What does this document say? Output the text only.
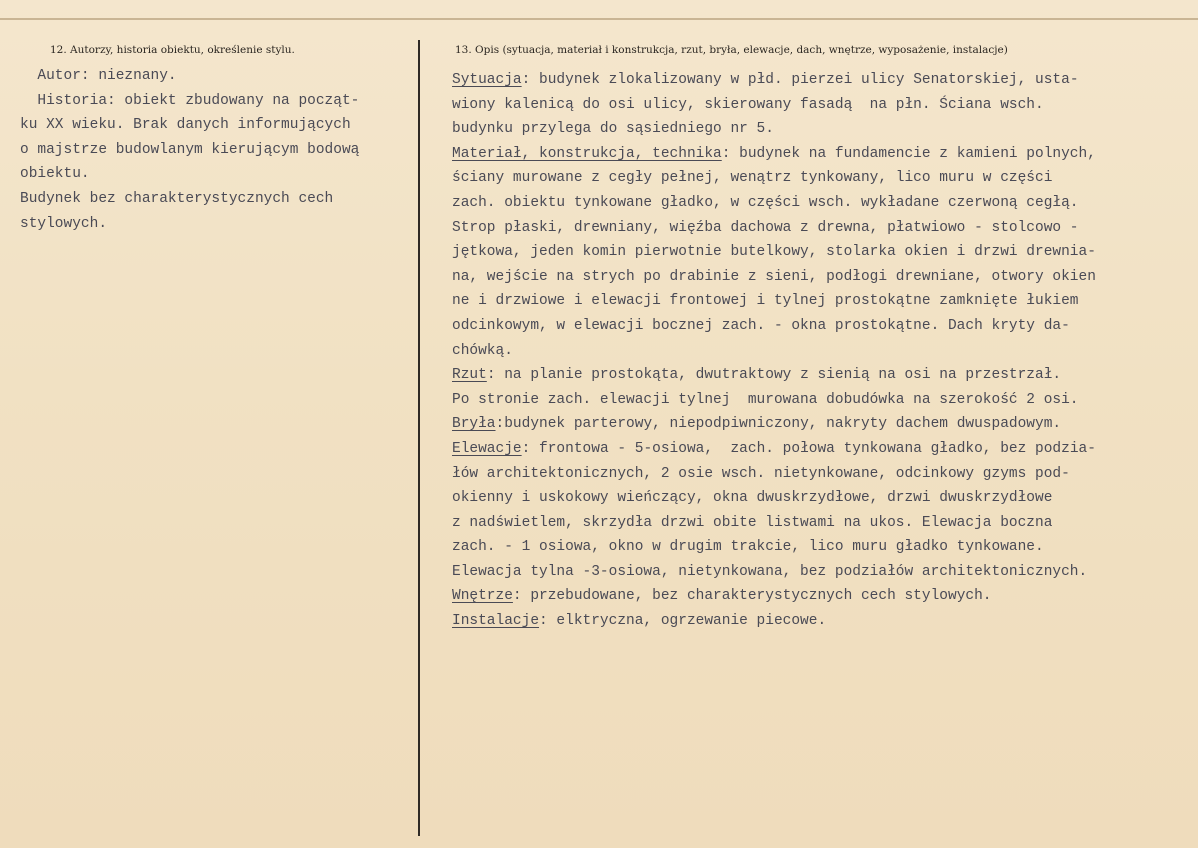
12. Autorzy, historia obiektu, określenie stylu.	13. Opis (sytuacja, materiał i konstrukcja, rzut, bryła, elewacje, dach, wnętrze, wyposażenie, instalacje)
Autor: nieznany.
Historia: obiekt zbudowany na począt-
ku XX wieku. Brak danych informujących
o majstrze budowlanym kierującym bodową
obiektu.
Budynek bez charakterystycznych cech
stylowych.
Sytuacja: budynek zlokalizowany w płd. pierzei ulicy Senatorskiej, usta-
wiony kalenicą do osi ulicy, skierowany fasadą  na płn. Ściana wsch.
budynku przylega do sąsiedniego nr 5.
Materiał, konstrukcja, technika: budynek na fundamencie z kamieni polnych,
ściany murowane z cegły pełnej, wenątrz tynkowany, lico muru w części
zach. obiektu tynkowane gładko, w części wsch. wykładane czerwoną cegłą.
Strop płaski, drewniany, więźba dachowa z drewna, płatwiowo - stolcowo -
jętkowa, jeden komin pierwotnie butelkowy, stolarka okien i drzwi drewnia-
na, wejście na strych po drabinie z sieni, podłogi drewniane, otwory okien
ne i drzwiowe i elewacji frontowej i tylnej prostokątne zamknięte łukiem
odcinkowym, w elewacji bocznej zach. - okna prostokątne. Dach kryty da-
chówką.
Rzut: na planie prostokąta, dwutraktowy z sienią na osi na przestrzał.
Po stronie zach. elewacji tylnej  murowana dobudówka na szerokość 2 osi.
Bryła:budynek parterowy, niepodpiwniczony, nakryty dachem dwuspadowym.
Elewacje: frontowa - 5-osiowa,  zach. połowa tynkowana gładko, bez podzia-
łów architektonicznych, 2 osie wsch. nietynkowane, odcinkowy gzyms pod-
okienny i uskokowy wieńczący, okna dwuskrzydłowe, drzwi dwuskrzydłowe
z nadświetlem, skrzydła drzwi obite listwami na ukos. Elewacja boczna
zach. - 1 osiowa, okno w drugim trakcie, lico muru gładko tynkowane.
Elewacja tylna -3-osiowa, nietynkowana, bez podziałów architektonicznych.
Wnętrze: przebudowane, bez charakterystycznych cech stylowych.
Instalacje: elktryczna, ogrzewanie piecowe.
